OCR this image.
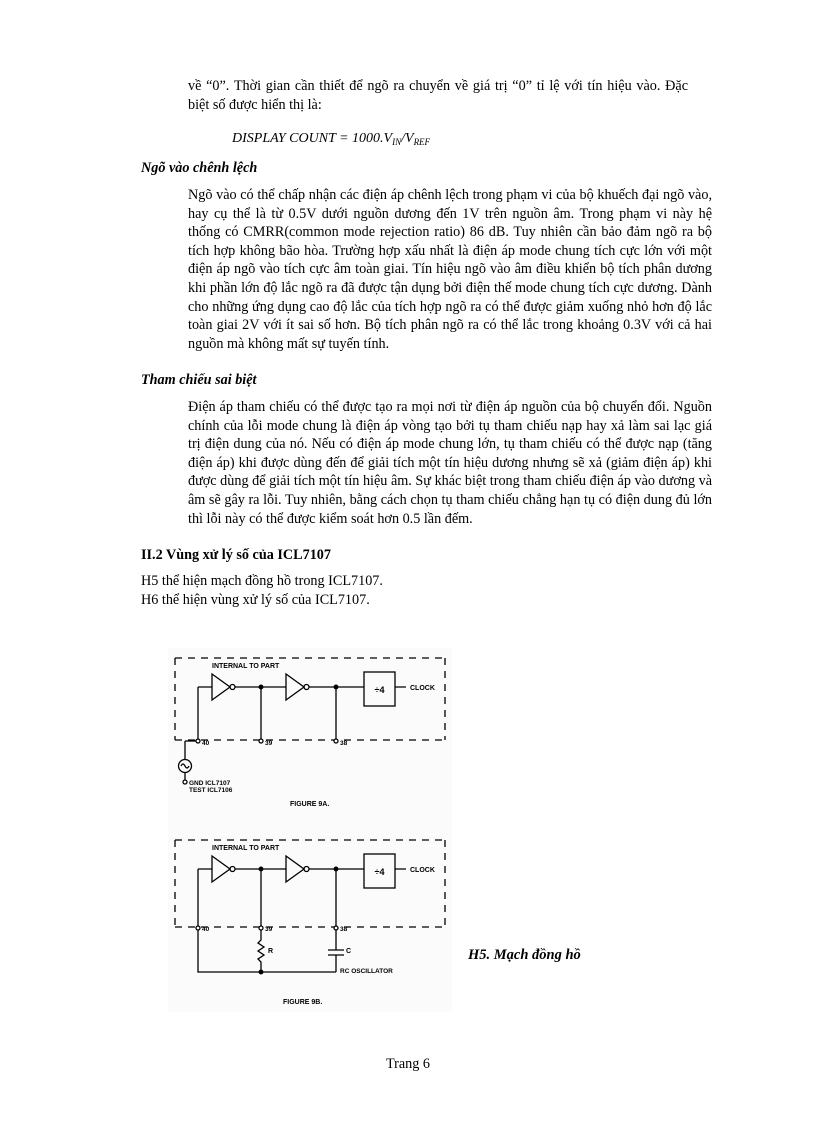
về “0”. Thời gian cần thiết để ngõ ra chuyển về giá trị “0” tỉ lệ với tín hiệu vào. Đặc biệt số được hiển thị là:

DISPLAY COUNT = $1000.V_{IN}/V_{REF}$

Ngõ vào chênh lệch

Ngõ vào có thể chấp nhận các điện áp chênh lệch trong phạm vi của bộ khuếch đại ngõ vào, hay cụ thể là từ 0.5V dưới nguồn dương đến 1V trên nguồn âm. Trong phạm vi này hệ thống có CMRR(common mode rejection ratio) 86 dB. Tuy nhiên cần bảo đảm ngõ ra bộ tích hợp không bão hòa. Trường hợp xấu nhất là điện áp mode chung tích cực lớn với một điện áp ngõ vào tích cực âm toàn giai. Tín hiệu ngõ vào âm điều khiển bộ tích phân dương khi phần lớn độ lắc ngõ ra đã được tận dụng bởi điện thế mode chung tích cực dương. Dành cho những ứng dụng cao độ lắc của tích hợp ngõ ra có thể được giảm xuống nhỏ hơn độ lắc toàn giai 2V với ít sai số hơn. Bộ tích phân ngõ ra có thể lắc trong khoảng 0.3V với cả hai nguồn mà không mất sự tuyến tính.

Tham chiếu sai biệt

Điện áp tham chiếu có thể được tạo ra mọi nơi từ điện áp nguồn của bộ chuyển đổi. Nguồn chính của lỗi mode chung là điện áp vòng tạo bởi tụ tham chiếu nạp hay xả làm sai lạc giá trị điện dung của nó. Nếu có điện áp mode chung lớn, tụ tham chiếu có thể được nạp (tăng điện áp) khi được dùng đến để giải tích một tín hiệu dương nhưng sẽ xả (giảm điện áp) khi được dùng để giải tích một tín hiệu âm. Sự khác biệt trong tham chiếu điện áp vào dương và âm sẽ gây ra lỗi. Tuy nhiên, bằng cách chọn tụ tham chiếu chẳng hạn tụ có điện dung đủ lớn thì lỗi này có thể được kiểm soát hơn 0.5 lần đếm.

II.2 Vùng xử lý số của ICL7107

H5 thể hiện mạch đồng hồ trong ICL7107.

H6 thể hiện vùng xử lý số của ICL7107.

INTERNAL TO PART
÷4	CLOCK
40	39	38
GND ICL7107
TEST ICL7106
FIGURE 9A.
INTERNAL TO PART
÷4	CLOCK
40	39	38
R	C
RC OSCILLATOR
FIGURE 9B.
H5. Mạch đồng hồ
Trang 6
